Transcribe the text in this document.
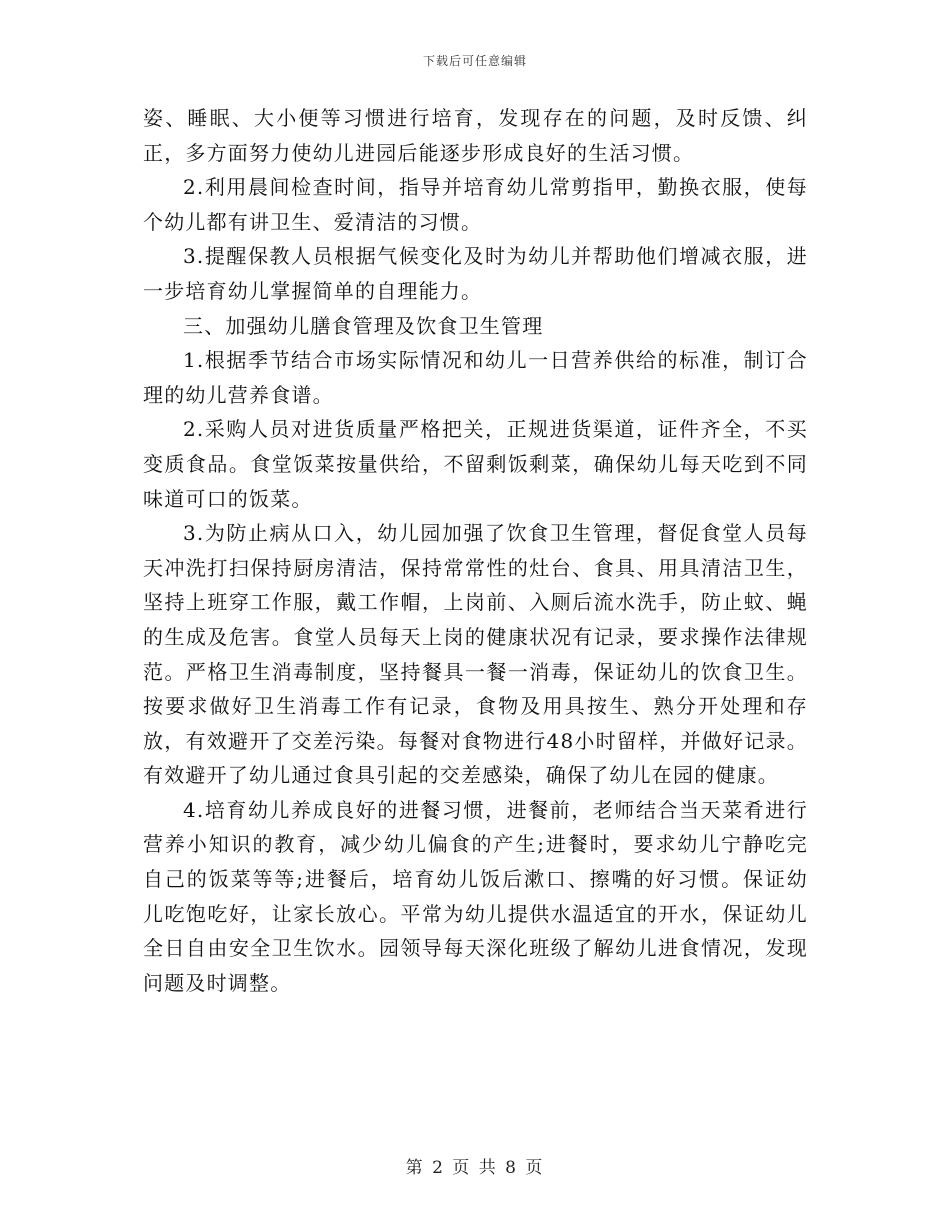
下载后可任意编辑

姿、睡眠、大小便等习惯进行培育，发现存在的问题，及时反馈、纠正，多方面努力使幼儿进园后能逐步形成良好的生活习惯。

2.利用晨间检查时间，指导并培育幼儿常剪指甲，勤换衣服，使每个幼儿都有讲卫生、爱清洁的习惯。

3.提醒保教人员根据气候变化及时为幼儿并帮助他们增减衣服，进一步培育幼儿掌握简单的自理能力。

三、加强幼儿膳食管理及饮食卫生管理

1.根据季节结合市场实际情况和幼儿一日营养供给的标准，制订合理的幼儿营养食谱。

2.采购人员对进货质量严格把关，正规进货渠道，证件齐全，不买变质食品。食堂饭菜按量供给，不留剩饭剩菜，确保幼儿每天吃到不同味道可口的饭菜。

3.为防止病从口入，幼儿园加强了饮食卫生管理，督促食堂人员每天冲洗打扫保持厨房清洁，保持常常性的灶台、食具、用具清洁卫生，坚持上班穿工作服，戴工作帽，上岗前、入厕后流水洗手，防止蚊、蝇的生成及危害。食堂人员每天上岗的健康状况有记录，要求操作法律规范。严格卫生消毒制度，坚持餐具一餐一消毒，保证幼儿的饮食卫生。按要求做好卫生消毒工作有记录，食物及用具按生、熟分开处理和存放，有效避开了交差污染。每餐对食物进行48小时留样，并做好记录。有效避开了幼儿通过食具引起的交差感染，确保了幼儿在园的健康。

4.培育幼儿养成良好的进餐习惯，进餐前，老师结合当天菜肴进行营养小知识的教育，减少幼儿偏食的产生;进餐时，要求幼儿宁静吃完自己的饭菜等等;进餐后，培育幼儿饭后漱口、擦嘴的好习惯。保证幼儿吃饱吃好，让家长放心。平常为幼儿提供水温适宜的开水，保证幼儿全日自由安全卫生饮水。园领导每天深化班级了解幼儿进食情况，发现问题及时调整。

第 2 页 共 8 页
